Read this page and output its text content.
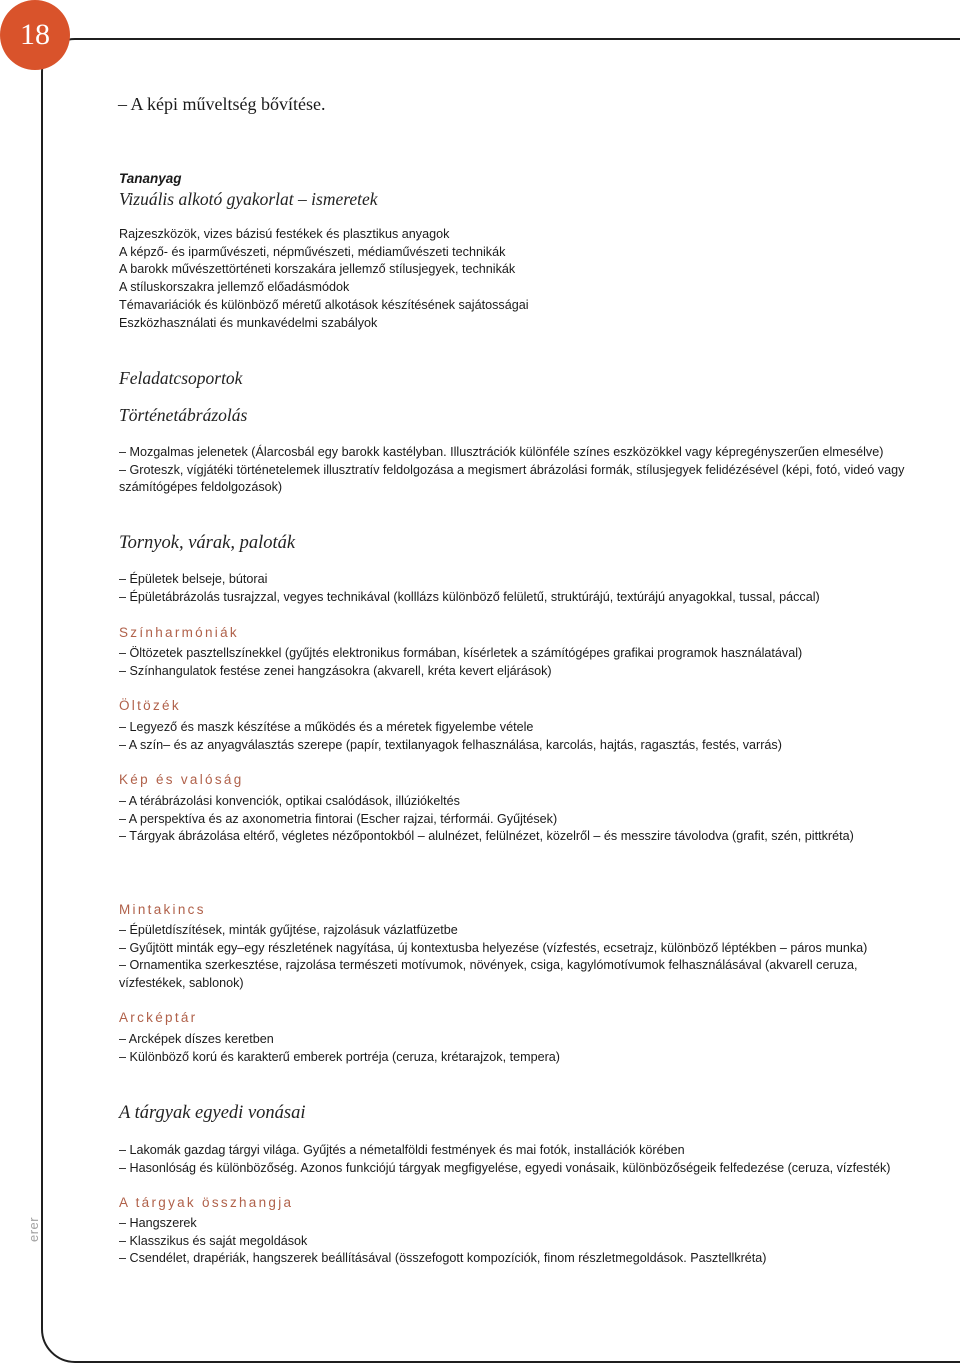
18
erer
– A képi műveltség bővítése.
Tananyag
Vizuális alkotó gyakorlat – ismeretek
Rajzeszközök, vizes bázisú festékek és plasztikus anyagok
A képző- és iparművészeti, népművészeti, médiaművészeti technikák
A barokk művészettörténeti korszakára jellemző stílusjegyek, technikák
A stíluskorszakra jellemző előadásmódok
Témavariációk és különböző méretű alkotások készítésének sajátosságai
Eszközhasználati és munkavédelmi szabályok
Feladatcsoportok
Történetábrázolás
– Mozgalmas jelenetek (Álarcosbál egy barokk kastélyban. Illusztrációk különféle színes eszközökkel vagy képregényszerűen elmesélve)
– Groteszk, vígjátéki történetelemek illusztratív feldolgozása a megismert ábrázolási formák, stílusjegyek felidézésével (képi, fotó, videó vagy számítógépes feldolgozások)
Tornyok, várak, paloták
– Épületek belseje, bútorai
– Épületábrázolás tusrajzzal, vegyes technikával (kolllázs különböző felületű, struktúrájú, textúrájú anyagokkal, tussal, páccal)
Színharmóniák
– Öltözetek pasztellszínekkel (gyűjtés elektronikus formában, kísérletek a számítógépes grafikai programok használatával)
– Színhangulatok festése zenei hangzásokra (akvarell, kréta kevert eljárások)
Öltözék
– Legyező és maszk készítése a működés és a méretek figyelembe vétele
– A szín– és az anyagválasztás szerepe (papír, textilanyagok felhasználása, karcolás, hajtás, ragasztás, festés, varrás)
Kép és valóság
– A térábrázolási konvenciók, optikai csalódások, illúziókeltés
– A perspektíva és az axonometria fintorai (Escher rajzai, térformái. Gyűjtések)
– Tárgyak ábrázolása eltérő, végletes nézőpontokból – alulnézet, felülnézet, közelről – és messzire távolodva (grafit, szén, pittkréta)
Mintakincs
– Épületdíszítések, minták gyűjtése, rajzolásuk vázlatfüzetbe
– Gyűjtött minták egy–egy részletének nagyítása, új kontextusba helyezése (vízfestés, ecsetrajz, különböző léptékben – páros munka)
– Ornamentika szerkesztése, rajzolása természeti motívumok, növények, csiga, kagylómotívumok felhasználásával (akvarell ceruza, vízfestékek, sablonok)
Arcképtár
– Arcképek díszes keretben
– Különböző korú és karakterű emberek portréja (ceruza, krétarajzok, tempera)
A tárgyak egyedi vonásai
– Lakomák gazdag tárgyi világa. Gyűjtés a németalföldi festmények és mai fotók, installációk körében
– Hasonlóság és különbözőség. Azonos funkciójú tárgyak megfigyelése, egyedi vonásaik, különbözőségeik felfedezése (ceruza, vízfesték)
A tárgyak összhangja
– Hangszerek
– Klasszikus és saját megoldások
– Csendélet, drapériák, hangszerek beállításával (összefogott kompozíciók, finom részletmegoldások. Pasztellkréta)
